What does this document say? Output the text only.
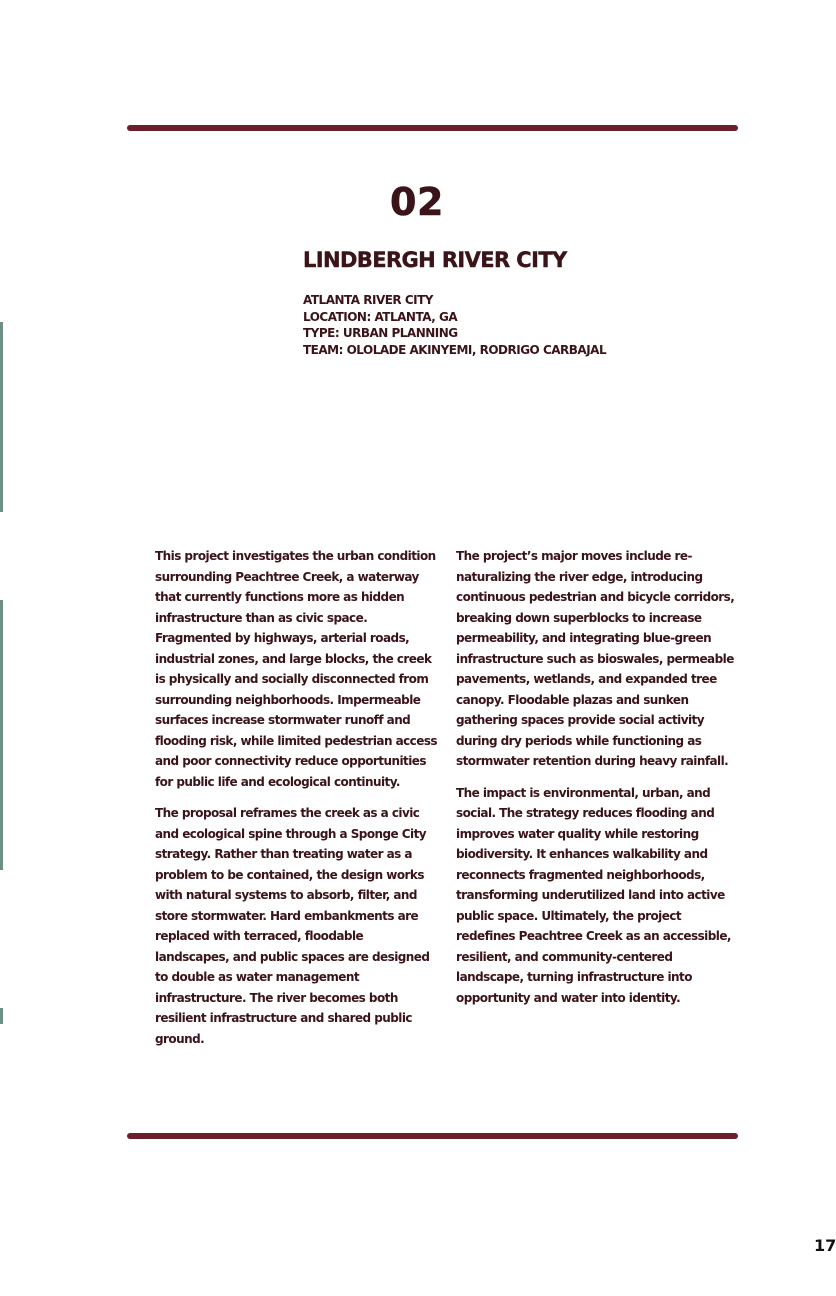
02
LINDBERGH RIVER CITY
ATLANTA RIVER CITY
LOCATION: ATLANTA, GA
TYPE: URBAN PLANNING
TEAM: OLOLADE AKINYEMI, RODRIGO CARBAJAL

This project investigates the urban condition surrounding Peachtree Creek, a waterway that currently functions more as hidden infrastructure than as civic space. Fragmented by highways, arterial roads, industrial zones, and large blocks, the creek is physically and socially disconnected from surrounding neighborhoods. Impermeable surfaces increase stormwater runoff and flooding risk, while limited pedestrian access and poor connectivity reduce opportunities for public life and ecological continuity.

The proposal reframes the creek as a civic and ecological spine through a Sponge City strategy. Rather than treating water as a problem to be contained, the design works with natural systems to absorb, filter, and store stormwater. Hard embankments are replaced with terraced, floodable landscapes, and public spaces are designed to double as water management infrastructure. The river becomes both resilient infrastructure and shared public ground.

The project’s major moves include re-naturalizing the river edge, introducing continuous pedestrian and bicycle corridors, breaking down superblocks to increase permeability, and integrating blue-green infrastructure such as bioswales, permeable pavements, wetlands, and expanded tree canopy. Floodable plazas and sunken gathering spaces provide social activity during dry periods while functioning as stormwater retention during heavy rainfall.

The impact is environmental, urban, and social. The strategy reduces flooding and improves water quality while restoring biodiversity. It enhances walkability and reconnects fragmented neighborhoods, transforming underutilized land into active public space. Ultimately, the project redefines Peachtree Creek as an accessible, resilient, and community-centered landscape, turning infrastructure into opportunity and water into identity.

17
